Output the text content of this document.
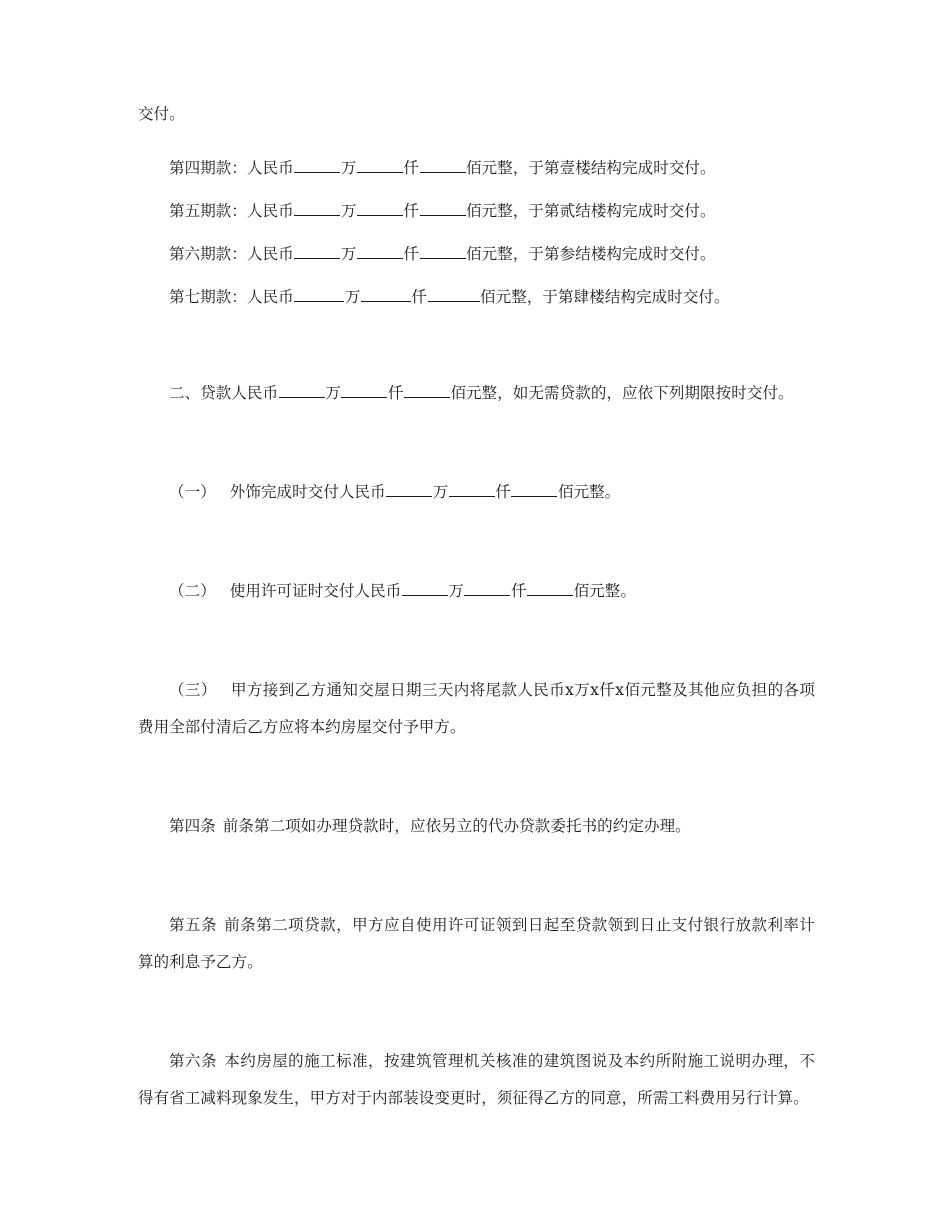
交付。

第四期款：人民币	万	仟	佰元整，于第壹楼结构完成时交付。

第五期款：人民币	万	仟	佰元整，于第贰结楼构完成时交付。

第六期款：人民币	万	仟	佰元整，于第参结楼构完成时交付。

第七期款：人民币	万	仟	佰元整，于第肆楼结构完成时交付。

二、贷款人民币	万	仟	佰元整，如无需贷款的，应依下列期限按时交付。

（一） 外饰完成时交付人民币	万	仟	佰元整。

（二） 使用许可证时交付人民币	万	仟	佰元整。

（三） 甲方接到乙方通知交屋日期三天内将尾款人民币x万x仟x佰元整及其他应负担的各项费用全部付清后乙方应将本约房屋交付予甲方。

第四条 前条第二项如办理贷款时，应依另立的代办贷款委托书的约定办理。

第五条 前条第二项贷款，甲方应自使用许可证领到日起至贷款领到日止支付银行放款利率计算的利息予乙方。

第六条 本约房屋的施工标准，按建筑管理机关核准的建筑图说及本约所附施工说明办理，不得有省工减料现象发生，甲方对于内部装设变更时，须征得乙方的同意，所需工料费用另行计算。
